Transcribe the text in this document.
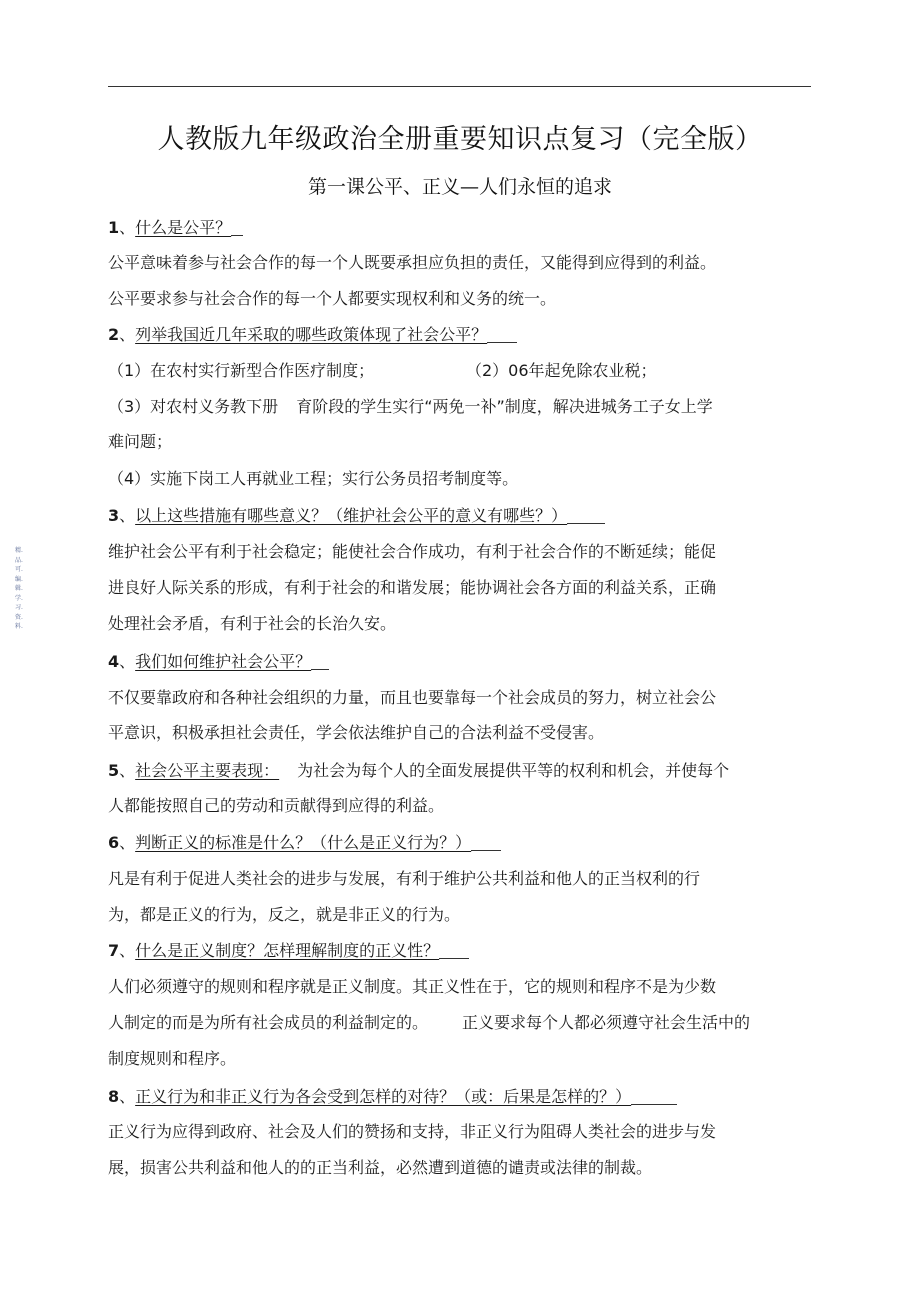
人教版九年级政治全册重要知识点复习（完全版）
第一课公平、正义—人们永恒的追求
精.品.可.编.辑.学.习.资.料.
1、什么是公平？
公平意味着参与社会合作的每一个人既要承担应负担的责任，又能得到应得到的利益。
公平要求参与社会合作的每一个人都要实现权利和义务的统一。
2、列举我国近几年采取的哪些政策体现了社会公平？
（1）在农村实行新型合作医疗制度；	（2）06年起免除农业税；
（3）对农村义务教下册 育阶段的学生实行“两免一补”制度，解决进城务工子女上学
难问题；
（4）实施下岗工人再就业工程；实行公务员招考制度等。
3、以上这些措施有哪些意义？（维护社会公平的意义有哪些？）
维护社会公平有利于社会稳定；能使社会合作成功，有利于社会合作的不断延续；能促
进良好人际关系的形成，有利于社会的和谐发展；能协调社会各方面的利益关系，正确
处理社会矛盾，有利于社会的长治久安。
4、我们如何维护社会公平？
不仅要靠政府和各种社会组织的力量，而且也要靠每一个社会成员的努力，树立社会公
平意识，积极承担社会责任，学会依法维护自己的合法利益不受侵害。
5、社会公平主要表现： 为社会为每个人的全面发展提供平等的权利和机会，并使每个
人都能按照自己的劳动和贡献得到应得的利益。
6、判断正义的标准是什么？（什么是正义行为？）
凡是有利于促进人类社会的进步与发展，有利于维护公共利益和他人的正当权利的行
为，都是正义的行为，反之，就是非正义的行为。
7、什么是正义制度？怎样理解制度的正义性？
人们必须遵守的规则和程序就是正义制度。其正义性在于，它的规则和程序不是为少数
人制定的而是为所有社会成员的利益制定的。 正义要求每个人都必须遵守社会生活中的
制度规则和程序。
8、正义行为和非正义行为各会受到怎样的对待？（或：后果是怎样的？）
正义行为应得到政府、社会及人们的赞扬和支持，非正义行为阻碍人类社会的进步与发
展，损害公共利益和他人的的正当利益，必然遭到道德的谴责或法律的制裁。
